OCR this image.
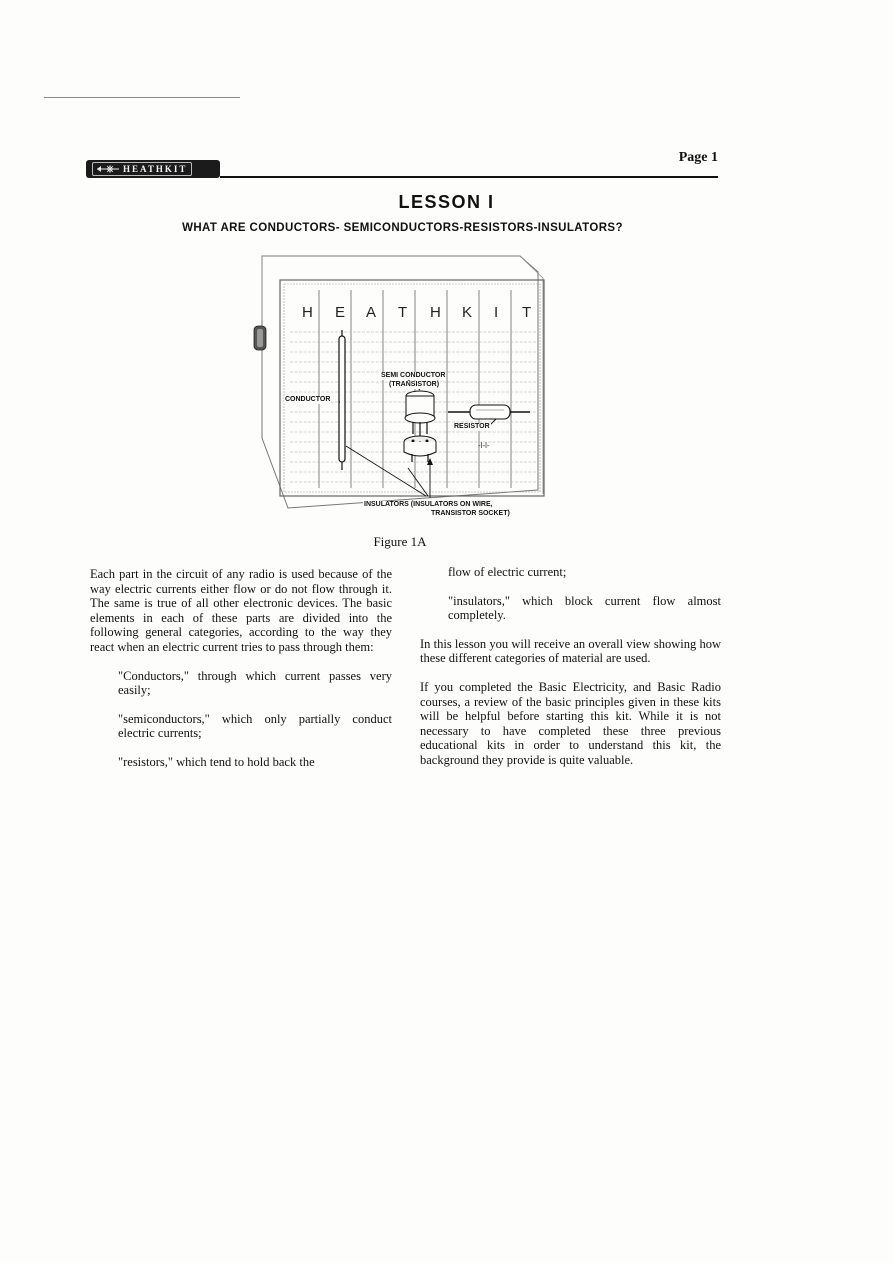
HEATHKIT
Page 1
LESSON I
WHAT ARE CONDUCTORS- SEMICONDUCTORS-RESISTORS-INSULATORS?
-l-l-
H E A T H K I T
CONDUCTOR
SEMI CONDUCTOR
(TRANSISTOR)
RESISTOR
INSULATORS (INSULATORS ON WIRE,
TRANSISTOR SOCKET)
Figure 1A

Each part in the circuit of any radio is used because of the way electric currents either flow or do not flow through it. The same is true of all other electronic devices. The basic elements in each of these parts are divided into the following general categories, according to the way they react when an electric current tries to pass through them:

"Conductors," through which current passes very easily;

"semiconductors," which only partially conduct electric currents;

"resistors," which tend to hold back the

flow of electric current;

"insulators," which block current flow almost completely.

In this lesson you will receive an overall view showing how these different categories of material are used.

If you completed the Basic Electricity, and Basic Radio courses, a review of the basic principles given in these kits will be helpful before starting this kit. While it is not necessary to have completed these three previous educational kits in order to understand this kit, the background they provide is quite valuable.
